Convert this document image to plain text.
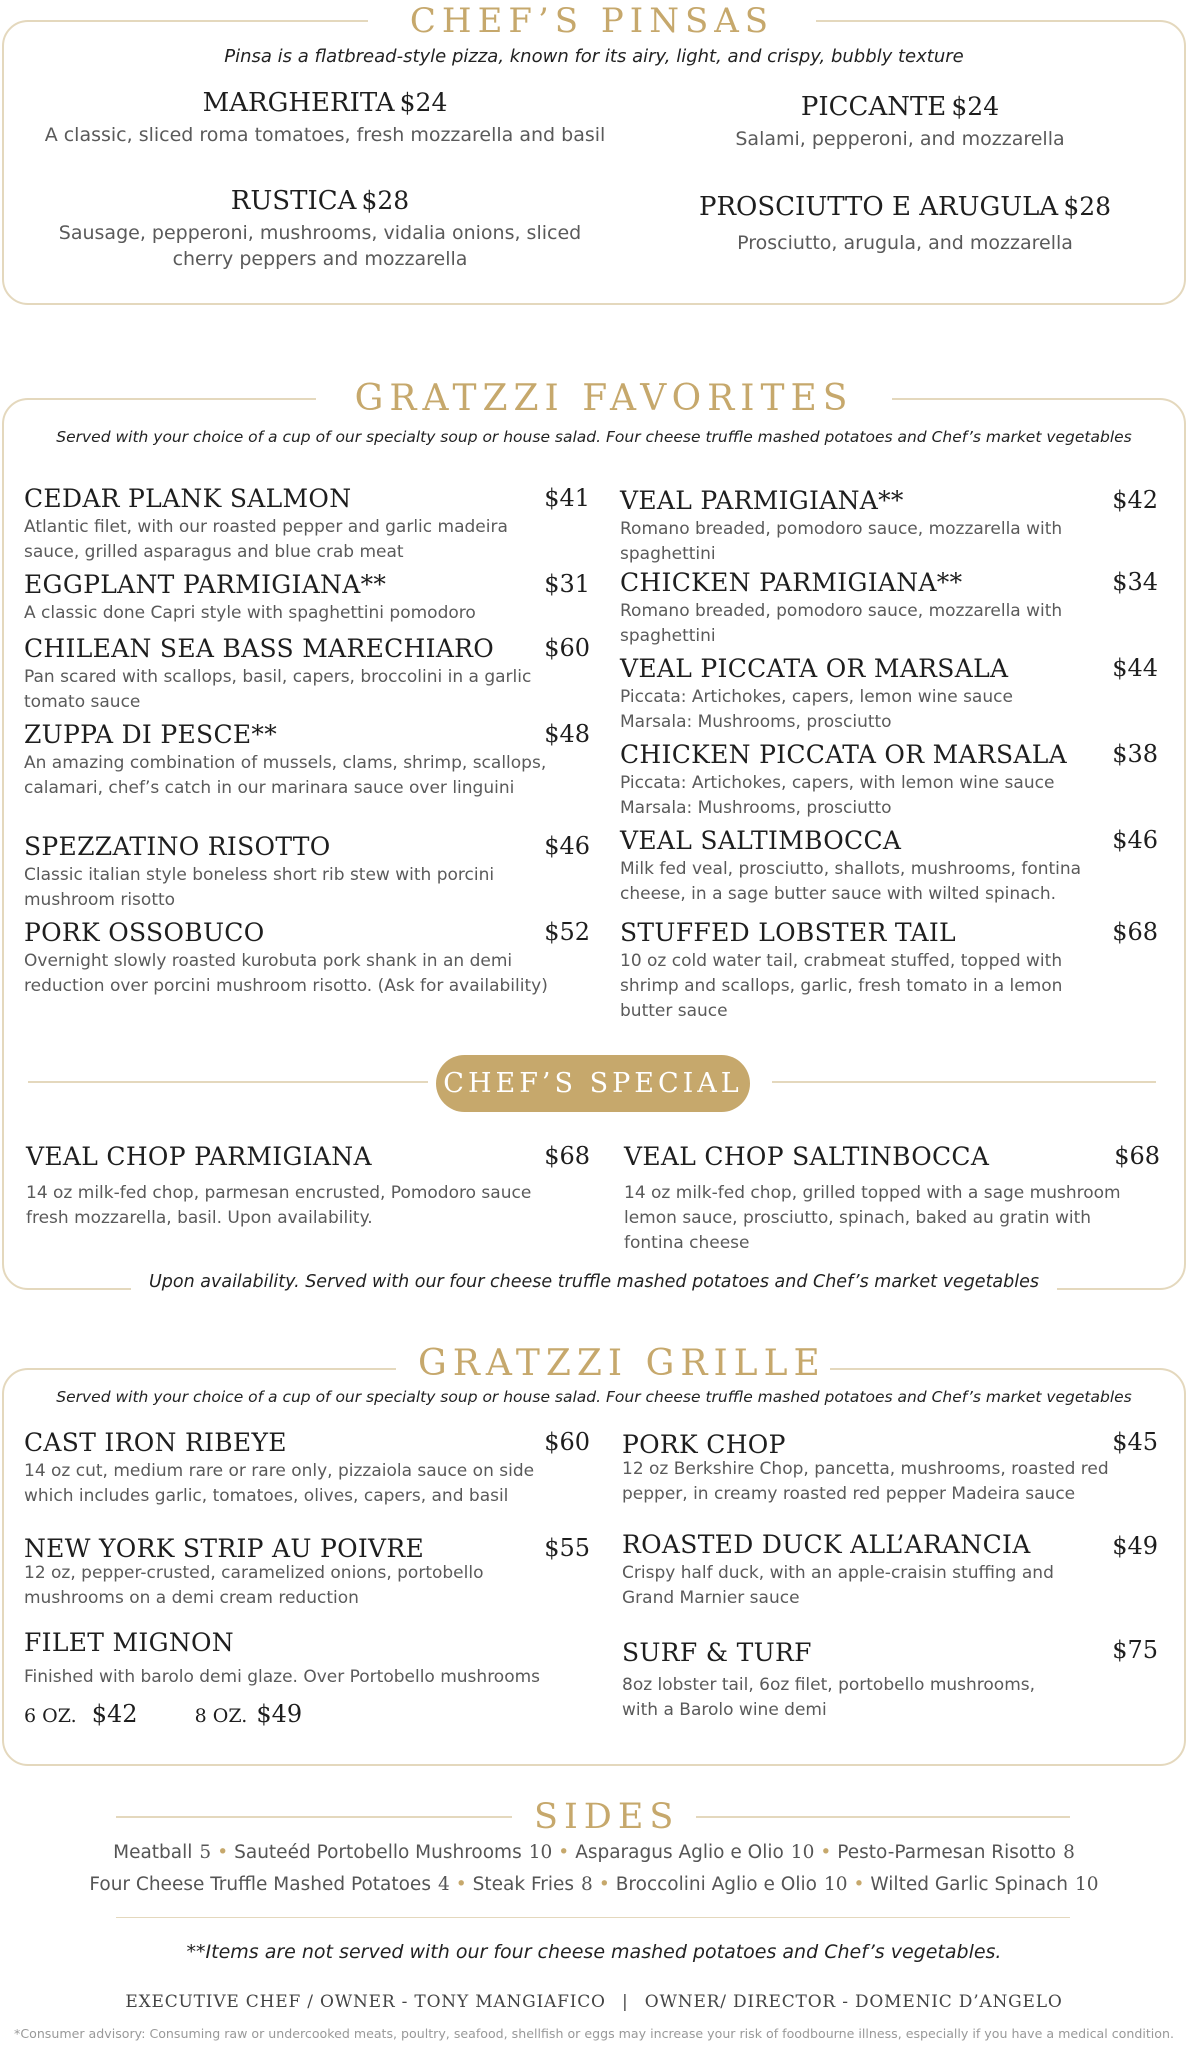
CHEF’S PINSAS
Pinsa is a flatbread-style pizza, known for its airy, light, and crispy, bubbly texture
MARGHERITA $24
A classic, sliced roma tomatoes, fresh mozzarella and basil
PICCANTE $24
Salami, pepperoni, and mozzarella
RUSTICA $28
Sausage, pepperoni, mushrooms, vidalia onions, sliced cherry peppers and mozzarella
PROSCIUTTO E ARUGULA $28
Prosciutto, arugula, and mozzarella
GRATZZI FAVORITES
Served with your choice of a cup of our specialty soup or house salad. Four cheese truffle mashed potatoes and Chef’s market vegetables
CEDAR PLANK SALMON	$41
Atlantic filet, with our roasted pepper and garlic madeira sauce, grilled asparagus and blue crab meat
EGGPLANT PARMIGIANA**	$31
A classic done Capri style with spaghettini pomodoro
CHILEAN SEA BASS MARECHIARO	$60
Pan scared with scallops, basil, capers, broccolini in a garlic tomato sauce
ZUPPA DI PESCE**	$48
An amazing combination of mussels, clams, shrimp, scallops, calamari, chef’s catch in our marinara sauce over linguini
SPEZZATINO RISOTTO	$46
Classic italian style boneless short rib stew with porcini mushroom risotto
PORK OSSOBUCO	$52
Overnight slowly roasted kurobuta pork shank in an demi reduction over porcini mushroom risotto. (Ask for availability)
VEAL PARMIGIANA**	$42
Romano breaded, pomodoro sauce, mozzarella with spaghettini
CHICKEN PARMIGIANA**	$34
Romano breaded, pomodoro sauce, mozzarella with spaghettini
VEAL PICCATA OR MARSALA	$44
Piccata: Artichokes, capers, lemon wine sauce
Marsala: Mushrooms, prosciutto
CHICKEN PICCATA OR MARSALA	$38
Piccata: Artichokes, capers, with lemon wine sauce
Marsala: Mushrooms, prosciutto
VEAL SALTIMBOCCA	$46
Milk fed veal, prosciutto, shallots, mushrooms, fontina cheese, in a sage butter sauce with wilted spinach.
STUFFED LOBSTER TAIL	$68
10 oz cold water tail, crabmeat stuffed, topped with shrimp and scallops, garlic, fresh tomato in a lemon butter sauce
CHEF’S SPECIAL
VEAL CHOP PARMIGIANA	$68
14 oz milk-fed chop, parmesan encrusted, Pomodoro sauce fresh mozzarella, basil. Upon availability.
VEAL CHOP SALTINBOCCA	$68
14 oz milk-fed chop, grilled topped with a sage mushroom lemon sauce, prosciutto, spinach, baked au gratin with fontina cheese
Upon availability. Served with our four cheese truffle mashed potatoes and Chef’s market vegetables
GRATZZI GRILLE
Served with your choice of a cup of our specialty soup or house salad. Four cheese truffle mashed potatoes and Chef’s market vegetables
CAST IRON RIBEYE	$60
14 oz cut, medium rare or rare only, pizzaiola sauce on side which includes garlic, tomatoes, olives, capers, and basil
NEW YORK STRIP AU POIVRE	$55
12 oz, pepper-crusted, caramelized onions, portobello mushrooms on a demi cream reduction
FILET MIGNON
Finished with barolo demi glaze. Over Portobello mushrooms
6 OZ. $42	8 OZ. $49
PORK CHOP	$45
12 oz Berkshire Chop, pancetta, mushrooms, roasted red pepper, in creamy roasted red pepper Madeira sauce
ROASTED DUCK ALL’ARANCIA	$49
Crispy half duck, with an apple-craisin stuffing and Grand Marnier sauce
SURF & TURF	$75
8oz lobster tail, 6oz filet, portobello mushrooms, with a Barolo wine demi
SIDES
Meatball 5 • Sauteéd Portobello Mushrooms 10 • Asparagus Aglio e Olio 10 • Pesto-Parmesan Risotto 8
Four Cheese Truffle Mashed Potatoes 4 • Steak Fries 8 • Broccolini Aglio e Olio 10 • Wilted Garlic Spinach 10
**Items are not served with our four cheese mashed potatoes and Chef’s vegetables.
EXECUTIVE CHEF / OWNER - TONY MANGIAFICO | OWNER/ DIRECTOR - DOMENIC D’ANGELO
*Consumer advisory: Consuming raw or undercooked meats, poultry, seafood, shellfish or eggs may increase your risk of foodbourne illness, especially if you have a medical condition.
